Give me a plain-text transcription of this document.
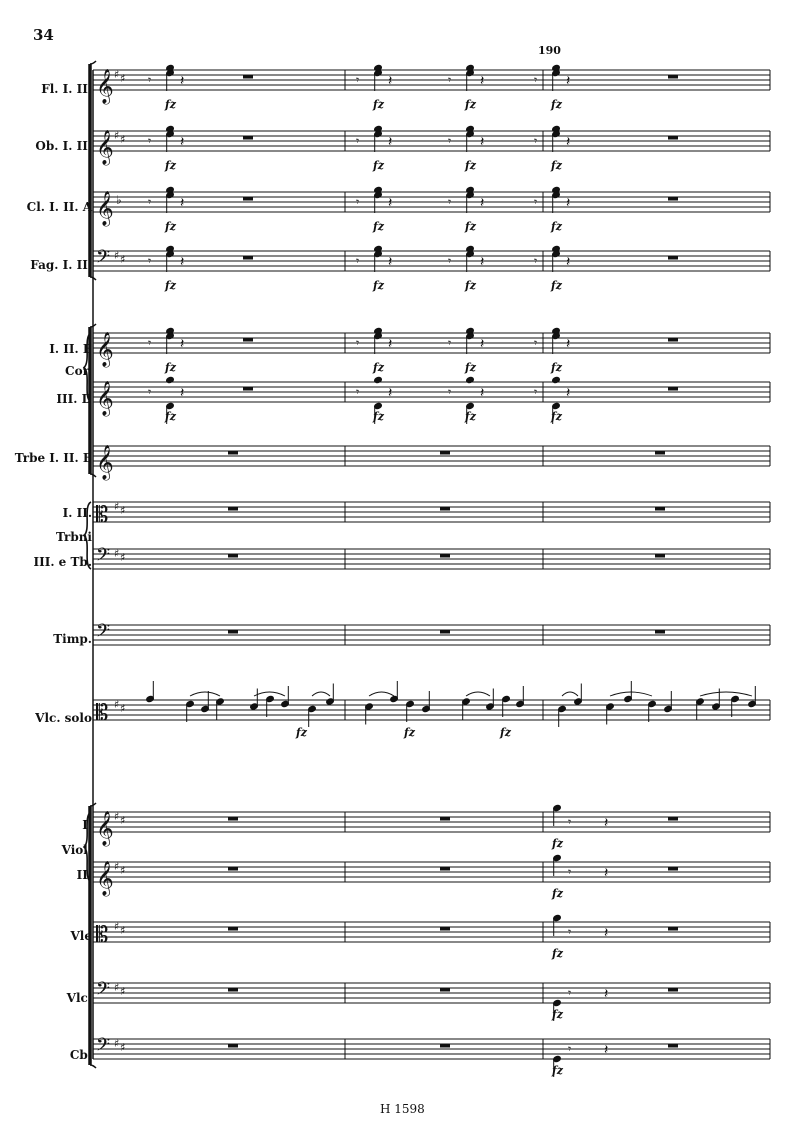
𝄞 ♯ ♯
𝄞 ♯ ♯
𝄞 ♭
𝄢 ♯ ♯
𝄞
𝄞
𝄞
𝄡 ♯ ♯
𝄢 ♯ ♯
𝄢
𝄡 ♯ ♯
𝄞 ♯ ♯
𝄞 ♯ ♯
𝄡 ♯ ♯
𝄢 ♯ ♯
𝄢 ♯ ♯
𝄾 𝄽
fz
𝄾 𝄽
fz
𝄾 𝄽
fz
𝄾 𝄽
fz
𝄾 𝄽
fz
𝄾 𝄽
fz
𝄾 𝄽
fz
𝄾 𝄽
fz
𝄾 𝄽
fz
𝄾 𝄽
fz
𝄾 𝄽
fz
𝄾 𝄽
fz
𝄾 𝄽
fz
𝄾 𝄽
fz
𝄾 𝄽
fz
𝄾 𝄽
fz
𝄾 𝄽
fz
𝄾 𝄽
fz
𝄾 𝄽
fz
𝄾 𝄽
fz
𝄾 𝄽
fz
𝄾 𝄽
fz
𝄾 𝄽
fz
𝄾 𝄽
fz
𝄾 𝄽
fz
𝄾 𝄽
fz
𝄾 𝄽
fz
𝄾 𝄽
fz
𝄾 𝄽
fz
fz	fz	fz
34
190
H 1598
Fl. I. II.
Ob. I. II.
Cl. I. II. A
Fag. I. II.
I. II. E
Cor.
III. D
Trbe I. II. E
I. II.
Trbni
III. e Tb.
Timp.
Vlc. solo
I.
Viol.
II.
Vle
Vlc.
Cb.
